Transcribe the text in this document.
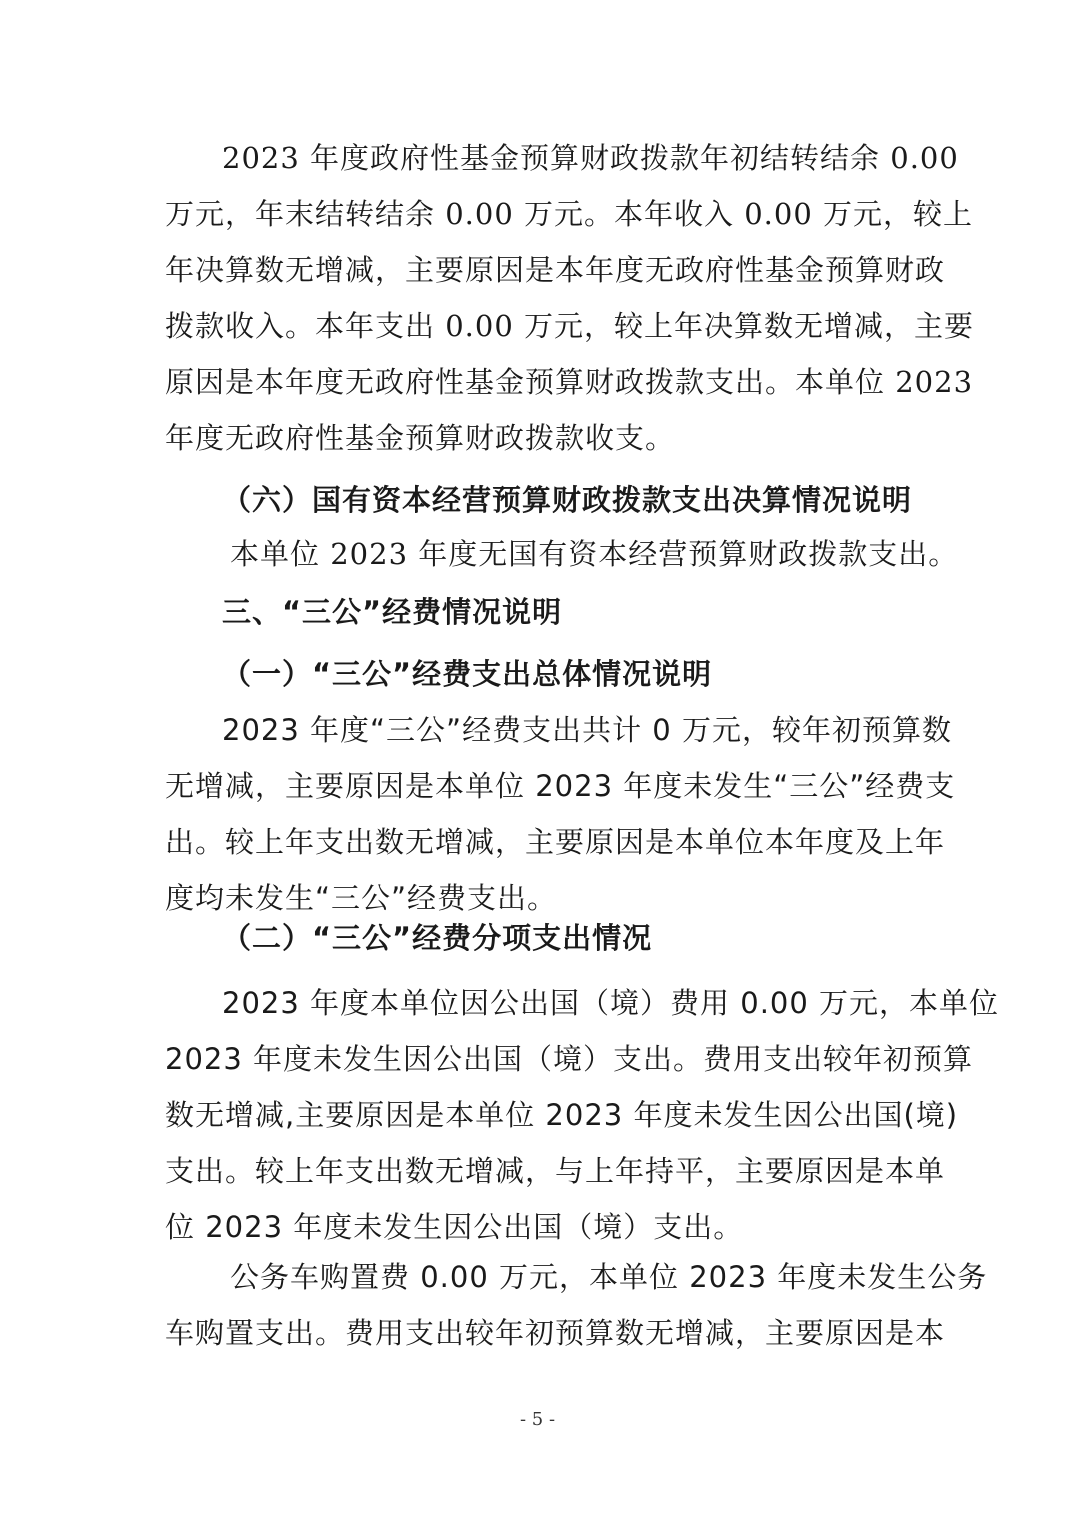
2023 年度政府性基金预算财政拨款年初结转结余 0.00
万元，年末结转结余 0.00 万元。本年收入 0.00 万元，较上
年决算数无增减，主要原因是本年度无政府性基金预算财政
拨款收入。本年支出 0.00 万元，较上年决算数无增减，主要
原因是本年度无政府性基金预算财政拨款支出。本单位 2023
年度无政府性基金预算财政拨款收支。
（六）国有资本经营预算财政拨款支出决算情况说明
本单位 2023 年度无国有资本经营预算财政拨款支出。
三、“三公”经费情况说明
（一）“三公”经费支出总体情况说明
2023 年度“三公”经费支出共计 0 万元，较年初预算数
无增减，主要原因是本单位 2023 年度未发生“三公”经费支
出。较上年支出数无增减，主要原因是本单位本年度及上年
度均未发生“三公”经费支出。
（二）“三公”经费分项支出情况
2023 年度本单位因公出国（境）费用 0.00 万元，本单位
2023 年度未发生因公出国（境）支出。费用支出较年初预算
数无增减,主要原因是本单位 2023 年度未发生因公出国(境)
支出。较上年支出数无增减，与上年持平，主要原因是本单
位 2023 年度未发生因公出国（境）支出。
公务车购置费 0.00 万元，本单位 2023 年度未发生公务
车购置支出。费用支出较年初预算数无增减，主要原因是本
- 5 -
